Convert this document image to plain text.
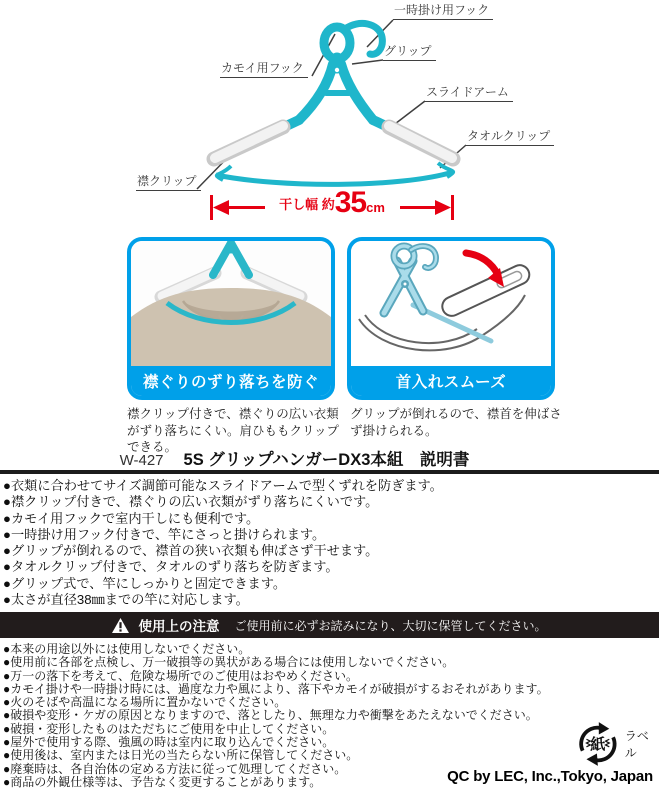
一時掛け用フック
グリップ
カモイ用フック
スライドアーム
タオルクリップ
襟クリップ
干し幅 約 35 cm
襟ぐりのずり落ちを防ぐ	首入れスムーズ
襟クリップ付きで、襟ぐりの広い衣類がずり落ちにくい。肩ひももクリップできる。
グリップが倒れるので、襟首を伸ばさず掛けられる。
W-427 5S グリップハンガーDX3本組　説明書
●衣類に合わせてサイズ調節可能なスライドアームで型くずれを防ぎます。
●襟クリップ付きで、襟ぐりの広い衣類がずり落ちにくいです。
●カモイ用フックで室内干しにも便利です。
●一時掛け用フック付きで、竿にさっと掛けられます。
●グリップが倒れるので、襟首の狭い衣類も伸ばさず干せます。
●タオルクリップ付きで、タオルのずり落ちを防ぎます。
●グリップ式で、竿にしっかりと固定できます。
●太さが直径38㎜までの竿に対応します。
使用上の注意 ご使用前に必ずお読みになり、大切に保管してください。
●本来の用途以外には使用しないでください。
●使用前に各部を点検し、万一破損等の異状がある場合には使用しないでください。
●万一の落下を考えて、危険な場所でのご使用はおやめください。
●カモイ掛けや一時掛け時には、過度な力や風により、落下やカモイが破損がするおそれがあります。
●火のそばや高温になる場所に置かないでください。
●破損や変形・ケガの原因となりますので、落としたり、無理な力や衝撃をあたえないでください。
●破損・変形したものはただちにご使用を中止してください。
●屋外で使用する際、強風の時は室内に取り込んでください。
●使用後は、室内または日光の当たらない所に保管してください。
●廃棄時は、各自治体の定める方法に従って処理してください。
●商品の外観仕様等は、予告なく変更することがあります。
紙
ラベル
QC by LEC, Inc.,Tokyo, Japan
